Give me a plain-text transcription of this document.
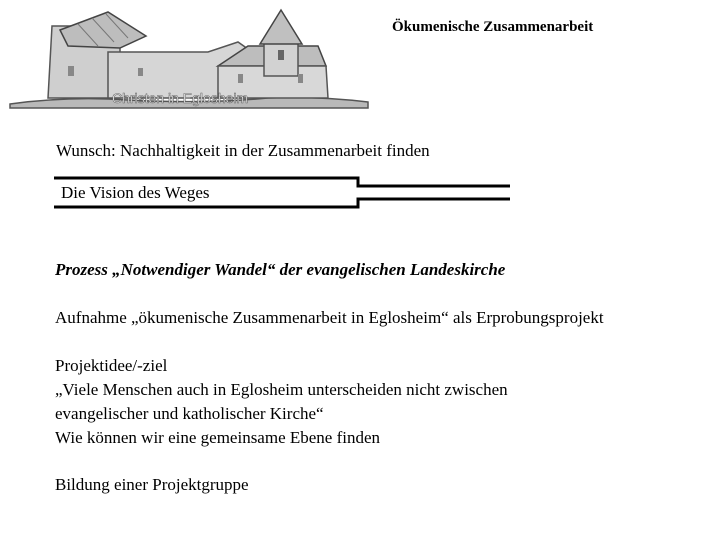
Christen in Eglosheim
Ökumenische Zusammenarbeit
Wunsch: Nachhaltigkeit in der Zusammenarbeit finden
Die Vision des Weges
Prozess „Notwendiger Wandel“ der evangelischen Landeskirche
Aufnahme „ökumenische Zusammenarbeit in Eglosheim“ als Erprobungsprojekt
Projektidee/-ziel
„Viele Menschen auch in Eglosheim unterscheiden nicht zwischen
evangelischer und katholischer Kirche“
Wie können wir eine gemeinsame Ebene finden
Bildung einer Projektgruppe
